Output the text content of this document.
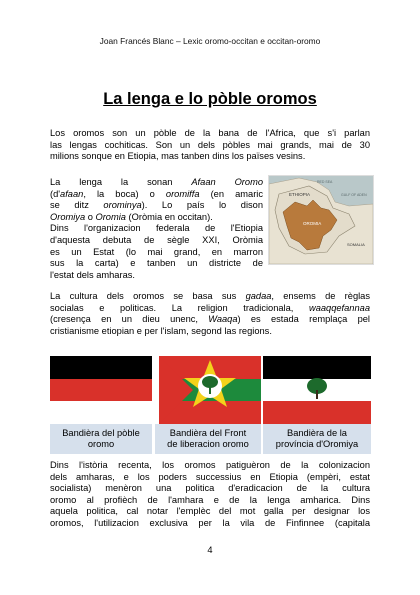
Joan Francés Blanc – Lexic oromo-occitan e occitan-oromo
La lenga e lo pòble oromos
Los oromos son un pòble de la bana de l'Africa, que s'i parlan
las lengas cochiticas. Son un dels pòbles mai grands, mai de 30
milions sonque en Etiopia, mas tanben dins los païses vesins.
La lenga la sonan Afaan Oromo
(d'afaan, la boca) o oromiffa (en amaric
se ditz orominya). Lo país lo dison
Oromiya o Oromia (Oròmia en occitan).
Dins l'organizacion federala de l'Etiopia
d'aquesta debuta de sègle XXI, Oròmia
es un Estat (lo mai grand, en marron
sus la carta) e tanben un districte de
l'estat dels amharas.
ETHIOPIA
OROMIA
RED SEA
GULF OF ADEN
SOMALIA
La cultura dels oromos se basa sus gadaa, ensems de règlas
socialas e politicas. La religion tradicionala, waaqqefannaa
(cresença en un dieu unenc, Waaqa) es estada remplaça pel
cristianisme etiopian e per l'islam, segond las regions.
Bandièra del pòble
oromo
Bandièra del Front
de liberacion oromo
Bandièra de la
província d'Oromiya
Dins l'istòria recenta, los oromos patiguèron de la colonizacion
dels amharas, e los poders successius en Etiopia (empèri, estat
socialista) menèron una politica d'eradicacion de la cultura
oromo al profièch de l'amhara e de la lenga amharica. Dins
aquela politica, cal notar l'emplèc del mot galla per designar los
oromos, l'utilizacion exclusiva per la vila de Finfinnee (capitala
4
